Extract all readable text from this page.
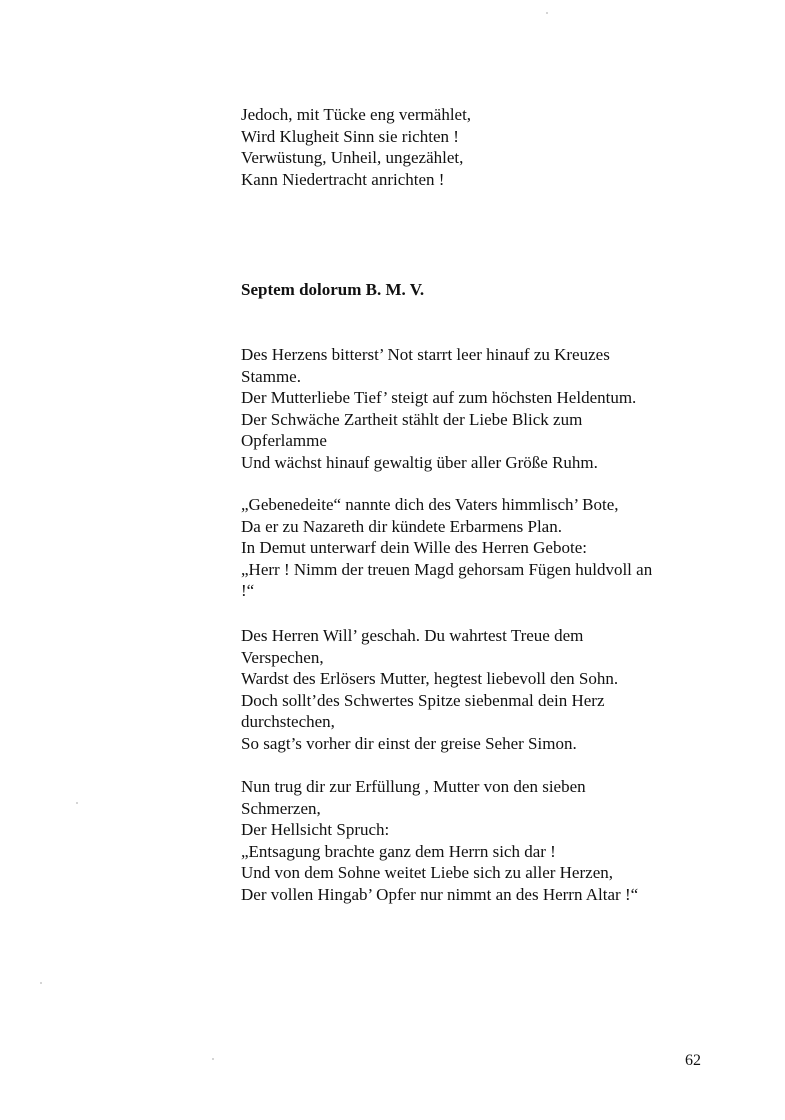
Jedoch, mit Tücke eng vermählet,

Wird Klugheit Sinn sie richten !

Verwüstung, Unheil, ungezählet,

Kann Niedertracht anrichten !

Septem dolorum B. M. V.

Des Herzens bitterst’ Not starrt leer hinauf zu Kreuzes

Stamme.

Der Mutterliebe Tief’ steigt auf zum höchsten Heldentum.

Der Schwäche Zartheit stählt der Liebe Blick zum

Opferlamme

Und wächst hinauf gewaltig über aller Größe Ruhm.

„Gebenedeite“ nannte dich des Vaters himmlisch’ Bote,

Da er zu Nazareth dir kündete Erbarmens Plan.

In Demut unterwarf dein Wille des Herren Gebote:

„Herr ! Nimm der treuen Magd gehorsam Fügen huldvoll an

!“

Des Herren Will’ geschah. Du wahrtest Treue dem

Verspechen,

Wardst des Erlösers Mutter, hegtest liebevoll den Sohn.

Doch sollt’des Schwertes Spitze siebenmal dein Herz

durchstechen,

So sagt’s vorher dir einst der greise Seher Simon.

Nun trug dir zur Erfüllung , Mutter von den sieben

Schmerzen,

Der Hellsicht Spruch:

„Entsagung brachte ganz dem Herrn sich dar !

Und von dem Sohne weitet Liebe sich zu aller Herzen,

Der vollen Hingab’ Opfer nur nimmt an des Herrn Altar !“

62
